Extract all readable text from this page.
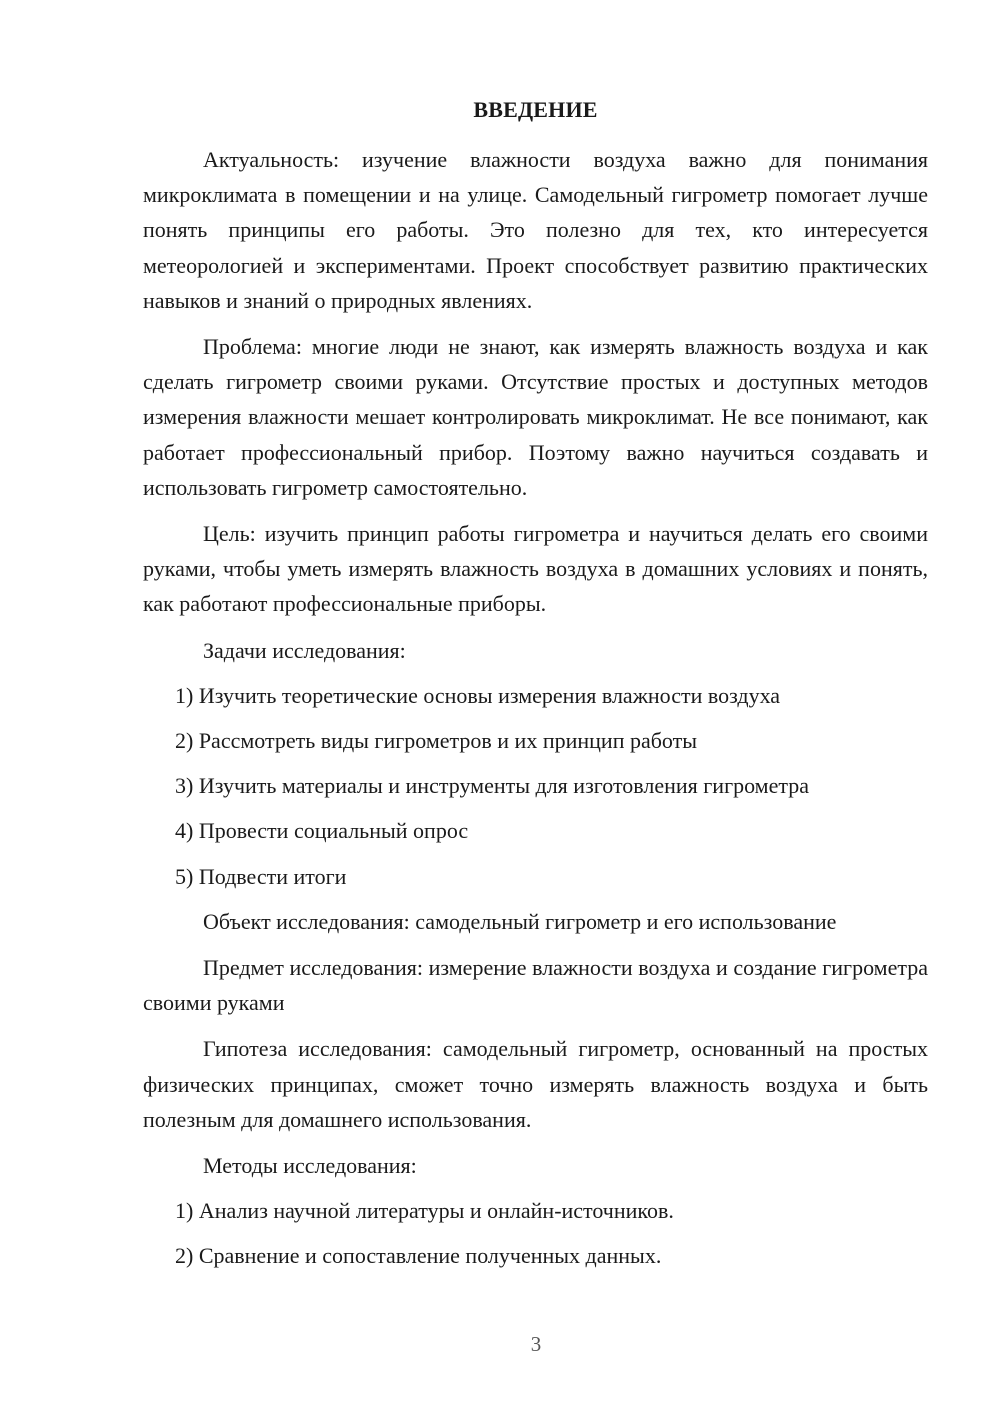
ВВЕДЕНИЕ

Актуальность: изучение влажности воздуха важно для понимания микроклимата в помещении и на улице. Самодельный гигрометр помогает лучше понять принципы его работы. Это полезно для тех, кто интересуется метеорологией и экспериментами. Проект способствует развитию практических навыков и знаний о природных явлениях.

Проблема: многие люди не знают, как измерять влажность воздуха и как сделать гигрометр своими руками. Отсутствие простых и доступных методов измерения влажности мешает контролировать микроклимат. Не все понимают, как работает профессиональный прибор. Поэтому важно научиться создавать и использовать гигрометр самостоятельно.

Цель: изучить принцип работы гигрометра и научиться делать его своими руками, чтобы уметь измерять влажность воздуха в домашних условиях и понять, как работают профессиональные приборы.

Задачи исследования:
1) Изучить теоретические основы измерения влажности воздуха
2) Рассмотреть виды гигрометров и их принцип работы
3) Изучить материалы и инструменты для изготовления гигрометра
4) Провести социальный опрос
5) Подвести итоги

Объект исследования: самодельный гигрометр и его использование

Предмет исследования: измерение влажности воздуха и создание гигрометра своими руками

Гипотеза исследования: самодельный гигрометр, основанный на простых физических принципах, сможет точно измерять влажность воздуха и быть полезным для домашнего использования.

Методы исследования:
1) Анализ научной литературы и онлайн-источников.
2) Сравнение и сопоставление полученных данных.
3
